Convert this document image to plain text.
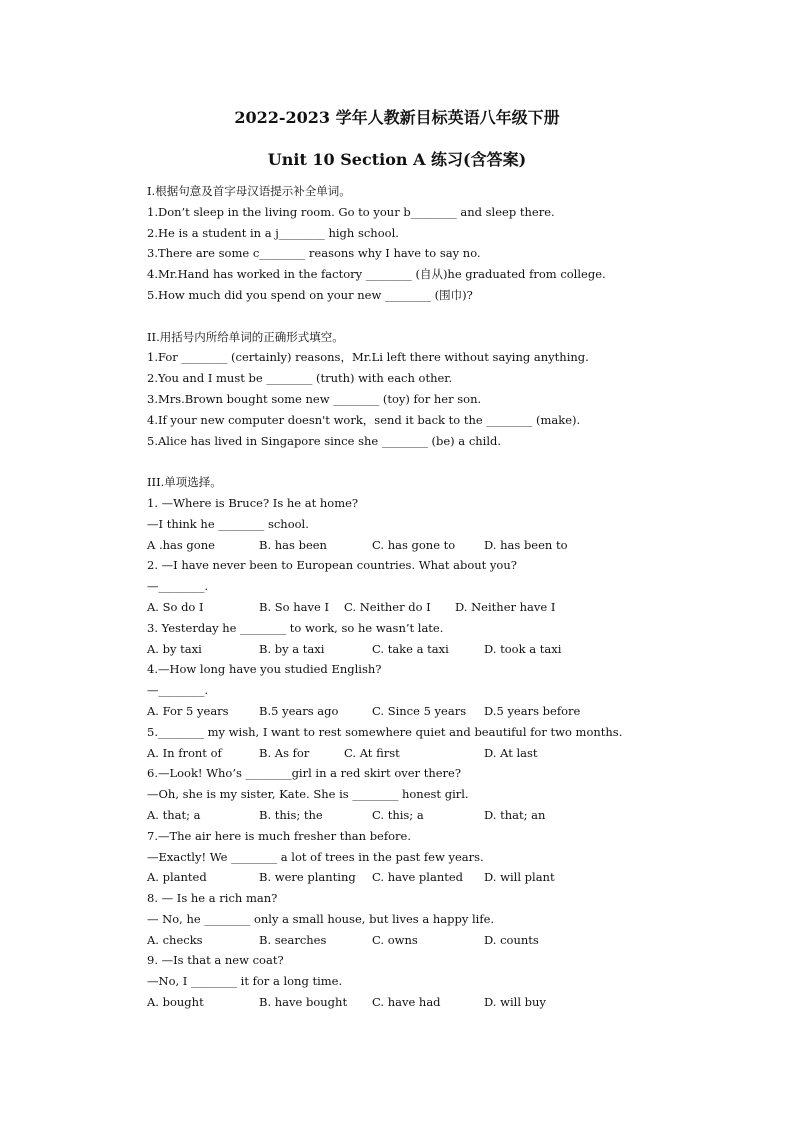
2022-2023 学年人教新目标英语八年级下册
Unit 10 Section A 练习(含答案)
I.根据句意及首字母汉语提示补全单词。
1.Don’t sleep in the living room. Go to your b________ and sleep there.
2.He is a student in a j________ high school.
3.There are some c________ reasons why I have to say no.
4.Mr.Hand has worked in the factory ________ (自从)he graduated from college.
5.How much did you spend on your new ________ (围巾)?
II.用括号内所给单词的正确形式填空。
1.For ________ (certainly) reasons，Mr.Li left there without saying anything.
2.You and I must be ________ (truth) with each other.
3.Mrs.Brown bought some new ________ (toy) for her son.
4.If your new computer doesn't work，send it back to the ________ (make).
5.Alice has lived in Singapore since she ________ (be) a child.
III.单项选择。
1. —Where is Bruce? Is he at home?
—I think he ________ school.
A .has gone	B. has been	C. has gone to	D. has been to
2. —I have never been to European countries. What about you?
—________.
A. So do I	B. So have I	C. Neither do I	D. Neither have I
3. Yesterday he ________ to work, so he wasn’t late.
A. by taxi	B. by a taxi	C. take a taxi	D. took a taxi
4.—How long have you studied English?
—________.
A. For 5 years	B.5 years ago	C. Since 5 years	D.5 years before
5.________ my wish, I want to rest somewhere quiet and beautiful for two months.
A. In front of	B. As for	C. At first	D. At last
6.—Look! Who’s ________girl in a red skirt over there?
—Oh, she is my sister, Kate. She is ________ honest girl.
A. that; a	B. this; the	C. this; a	D. that; an
7.—The air here is much fresher than before.
—Exactly! We ________ a lot of trees in the past few years.
A. planted	B. were planting	C. have planted	D. will plant
8. — Is he a rich man?
— No, he ________ only a small house, but lives a happy life.
A. checks	B. searches	C. owns	D. counts
9. —Is that a new coat?
—No, I ________ it for a long time.
A. bought	B. have bought	C. have had	D. will buy
